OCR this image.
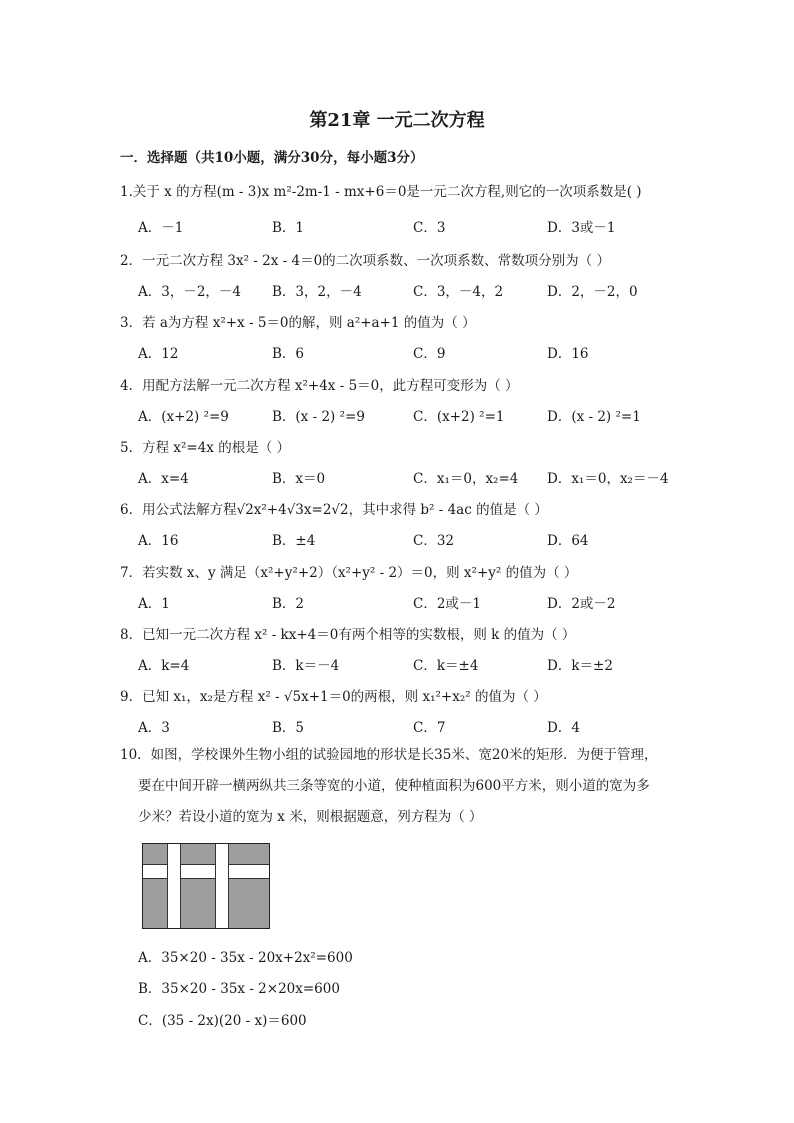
第21章 一元二次方程
一．选择题（共10小题，满分30分，每小题3分）
1.关于 x 的方程(m - 3)x m²-2m-1 - mx+6＝0是一元二次方程,则它的一次项系数是( )
A．－1	B．1	C．3	D．3或－1
2．一元二次方程 3x² - 2x - 4＝0的二次项系数、一次项系数、常数项分别为（ ）
A．3，－2，－4 B．3，2，－4	C．3，－4，2	D．2，－2，0
3．若 a为方程 x²+x - 5＝0的解，则 a²+a+1 的值为（ ）
A．12	B．6	C．9	D．16
4．用配方法解一元二次方程 x²+4x - 5＝0，此方程可变形为（ ）
A．(x+2) ²=9	B．(x - 2) ²=9	C．(x+2) ²=1	D．(x - 2) ²=1
5．方程 x²=4x 的根是（ ）
A．x=4	B．x＝0	C．x₁＝0，x₂=4 D．x₁＝0，x₂＝－4
6．用公式法解方程√2x²+4√3x=2√2，其中求得 b² - 4ac 的值是（ ）
A．16	B．±4	C．32	D．64
7．若实数 x、y 满足（x²+y²+2）（x²+y² - 2）＝0，则 x²+y² 的值为（ ）
A．1	B．2	C．2或－1	D．2或－2
8．已知一元二次方程 x² - kx+4＝0有两个相等的实数根，则 k 的值为（ ）
A．k=4	B．k＝－4	C．k＝±4	D．k＝±2
9．已知 x₁，x₂是方程 x² - √5x+1＝0的两根，则 x₁²+x₂² 的值为（ ）
A．3	B．5	C．7	D．4
10．如图，学校课外生物小组的试验园地的形状是长35米、宽20米的矩形．为便于管理，
要在中间开辟一横两纵共三条等宽的小道，使种植面积为600平方米，则小道的宽为多
少米？若设小道的宽为 x 米，则根据题意，列方程为（ ）
A．35×20 - 35x - 20x+2x²=600
B．35×20 - 35x - 2×20x=600
C．(35 - 2x)(20 - x)＝600
